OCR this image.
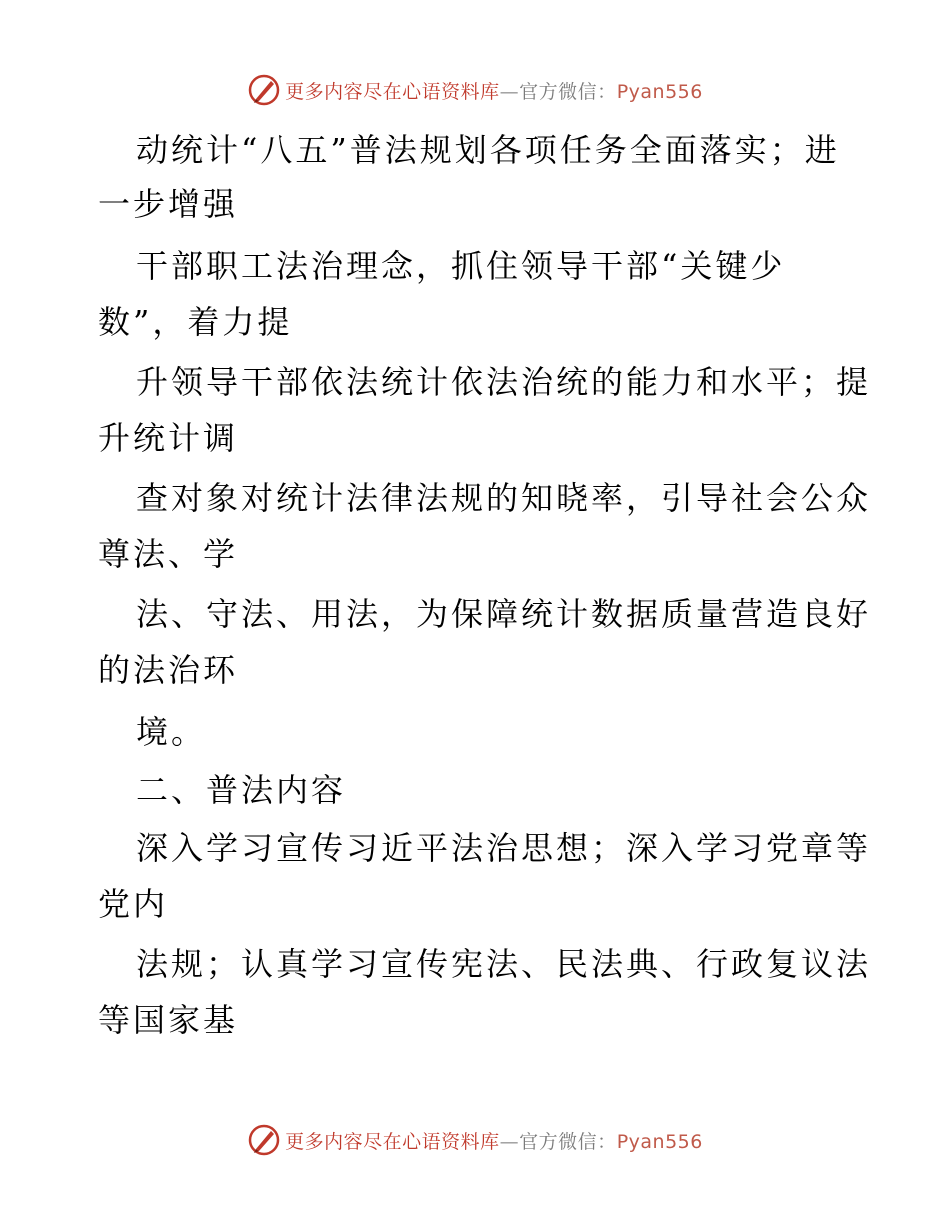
更多内容尽在心语资料库—官方微信：Pyan556
动统计“八五”普法规划各项任务全面落实；进
一步增强
干部职工法治理念，抓住领导干部“关键少
数”，着力提
升领导干部依法统计依法治统的能力和水平；提
升统计调
查对象对统计法律法规的知晓率，引导社会公众
尊法、学
法、守法、用法，为保障统计数据质量营造良好
的法治环
境。
二、普法内容
深入学习宣传习近平法治思想；深入学习党章等
党内
法规；认真学习宣传宪法、民法典、行政复议法
等国家基
更多内容尽在心语资料库—官方微信：Pyan556
